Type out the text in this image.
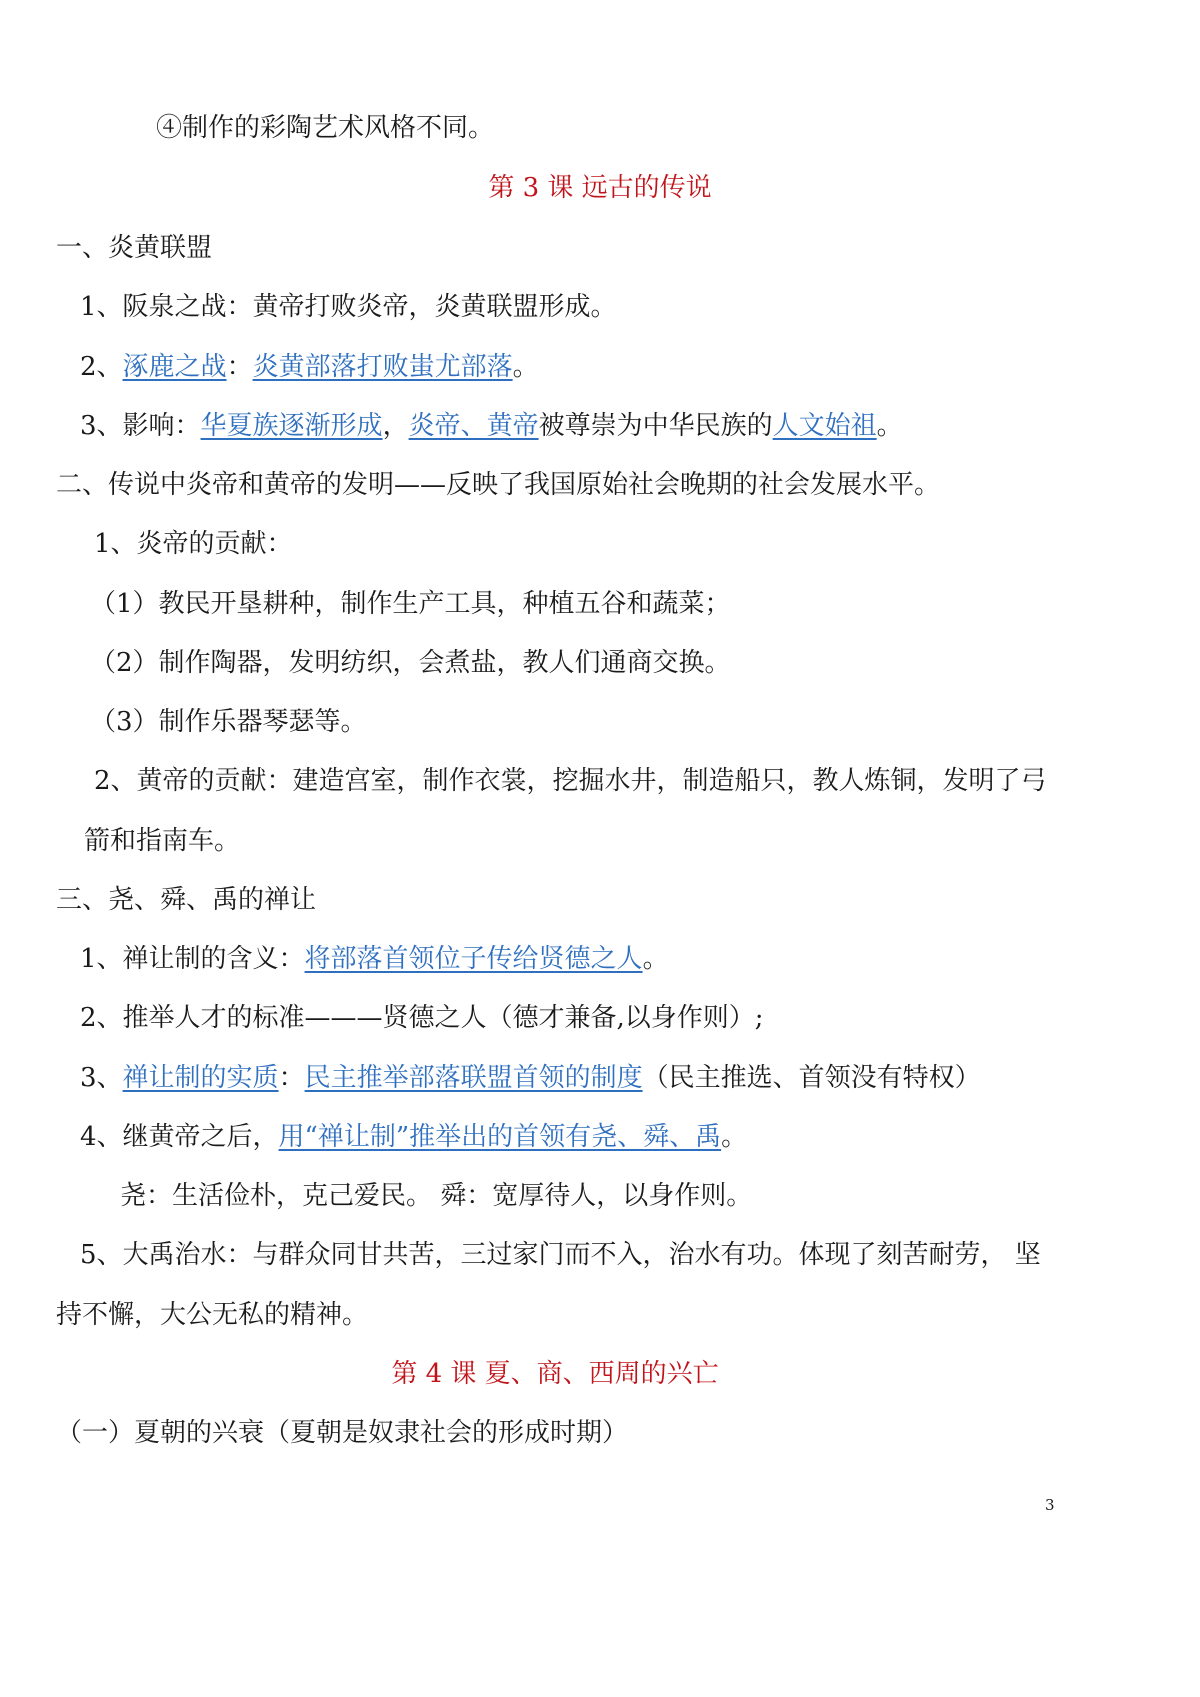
④制作的彩陶艺术风格不同。
第 3 课 远古的传说
一、炎黄联盟
1、阪泉之战：黄帝打败炎帝，炎黄联盟形成。
2、涿鹿之战：炎黄部落打败蚩尤部落。
3、影响：华夏族逐渐形成，炎帝、黄帝被尊崇为中华民族的人文始祖。
二、传说中炎帝和黄帝的发明——反映了我国原始社会晚期的社会发展水平。
1、炎帝的贡献：
（1）教民开垦耕种，制作生产工具，种植五谷和蔬菜；
（2）制作陶器，发明纺织，会煮盐，教人们通商交换。
（3）制作乐器琴瑟等。
2、黄帝的贡献：建造宫室，制作衣裳，挖掘水井，制造船只，教人炼铜，发明了弓
箭和指南车。
三、尧、舜、禹的禅让
1、禅让制的含义：将部落首领位子传给贤德之人。
2、推举人才的标准———贤德之人（德才兼备,以身作则）;
3、禅让制的实质：民主推举部落联盟首领的制度（民主推选、首领没有特权）
4、继黄帝之后，用“禅让制”推举出的首领有尧、舜、禹。
尧：生活俭朴，克己爱民。 舜：宽厚待人，以身作则。
5、大禹治水：与群众同甘共苦，三过家门而不入，治水有功。体现了刻苦耐劳， 坚
持不懈，大公无私的精神。
第 4 课 夏、商、西周的兴亡
（一）夏朝的兴衰（夏朝是奴隶社会的形成时期）
3
